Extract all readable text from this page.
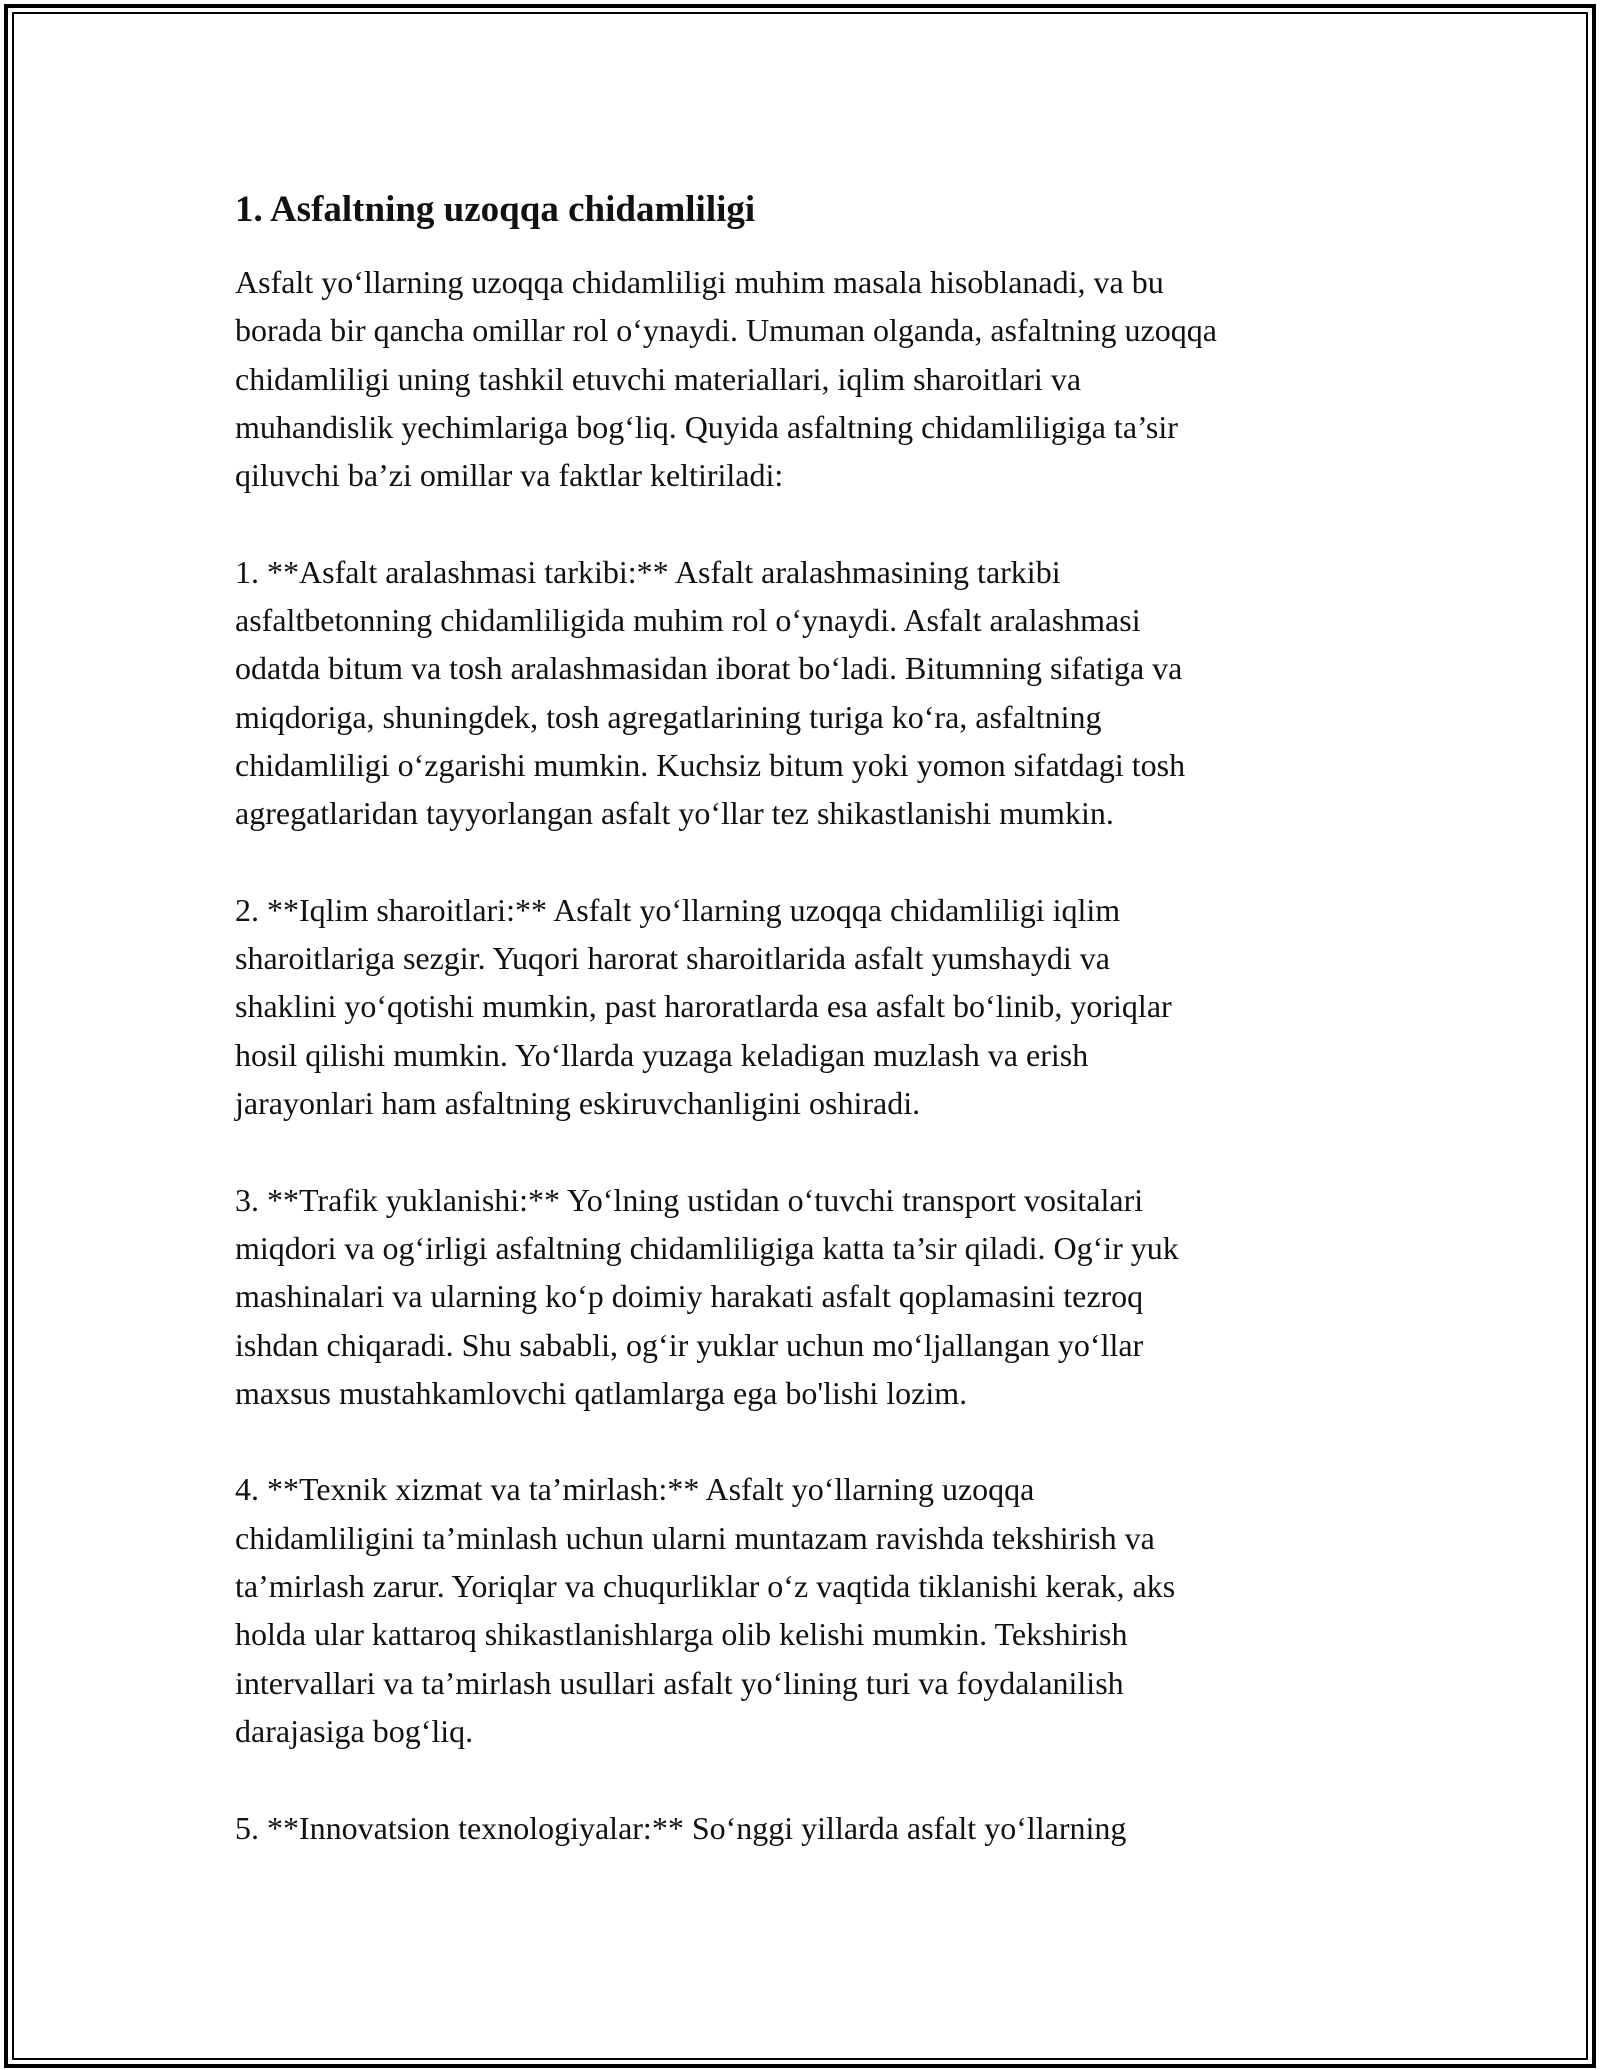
1. Asfaltning uzoqqa chidamliligi

Asfalt yo‘llarning uzoqqa chidamliligi muhim masala hisoblanadi, va bu
borada bir qancha omillar rol o‘ynaydi. Umuman olganda, asfaltning uzoqqa
chidamliligi uning tashkil etuvchi materiallari, iqlim sharoitlari va
muhandislik yechimlariga bog‘liq. Quyida asfaltning chidamliligiga ta’sir
qiluvchi ba’zi omillar va faktlar keltiriladi:

1. **Asfalt aralashmasi tarkibi:** Asfalt aralashmasining tarkibi
asfaltbetonning chidamliligida muhim rol o‘ynaydi. Asfalt aralashmasi
odatda bitum va tosh aralashmasidan iborat bo‘ladi. Bitumning sifatiga va
miqdoriga, shuningdek, tosh agregatlarining turiga ko‘ra, asfaltning
chidamliligi o‘zgarishi mumkin. Kuchsiz bitum yoki yomon sifatdagi tosh
agregatlaridan tayyorlangan asfalt yo‘llar tez shikastlanishi mumkin.

2. **Iqlim sharoitlari:** Asfalt yo‘llarning uzoqqa chidamliligi iqlim
sharoitlariga sezgir. Yuqori harorat sharoitlarida asfalt yumshaydi va
shaklini yo‘qotishi mumkin, past haroratlarda esa asfalt bo‘linib, yoriqlar
hosil qilishi mumkin. Yo‘llarda yuzaga keladigan muzlash va erish
jarayonlari ham asfaltning eskiruvchanligini oshiradi.

3. **Trafik yuklanishi:** Yo‘lning ustidan o‘tuvchi transport vositalari
miqdori va og‘irligi asfaltning chidamliligiga katta ta’sir qiladi. Og‘ir yuk
mashinalari va ularning ko‘p doimiy harakati asfalt qoplamasini tezroq
ishdan chiqaradi. Shu sababli, og‘ir yuklar uchun mo‘ljallangan yo‘llar
maxsus mustahkamlovchi qatlamlarga ega bo'lishi lozim.

4. **Texnik xizmat va ta’mirlash:** Asfalt yo‘llarning uzoqqa
chidamliligini ta’minlash uchun ularni muntazam ravishda tekshirish va
ta’mirlash zarur. Yoriqlar va chuqurliklar o‘z vaqtida tiklanishi kerak, aks
holda ular kattaroq shikastlanishlarga olib kelishi mumkin. Tekshirish
intervallari va ta’mirlash usullari asfalt yo‘lining turi va foydalanilish
darajasiga bog‘liq.

5. **Innovatsion texnologiyalar:** So‘nggi yillarda asfalt yo‘llarning
